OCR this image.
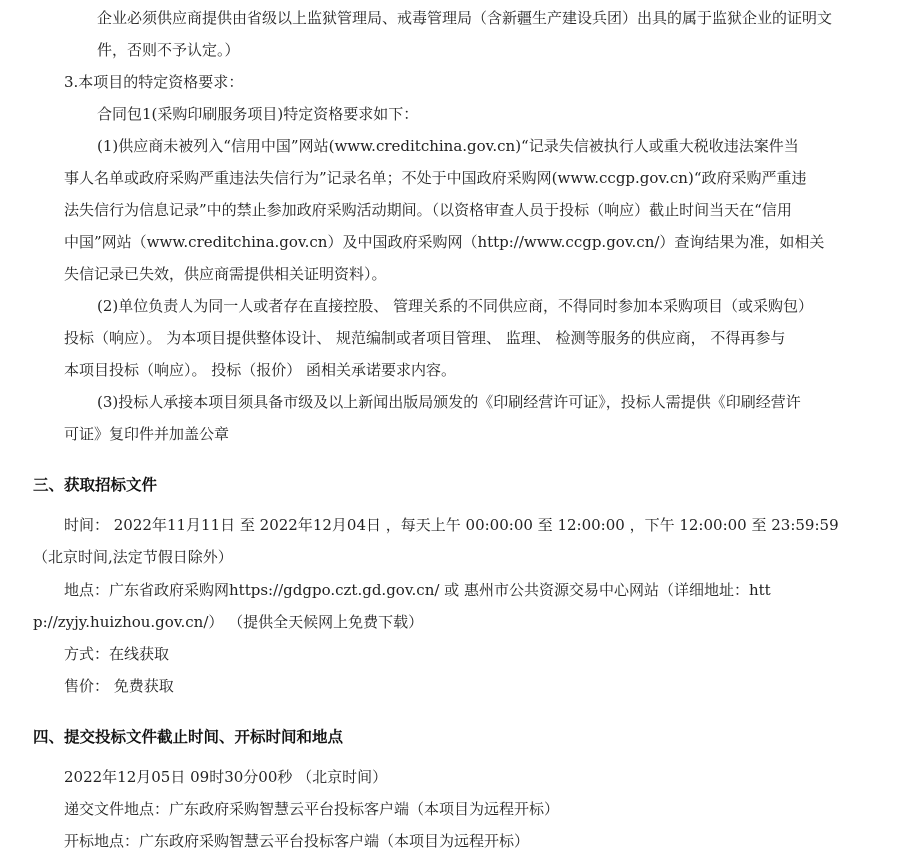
企业必须供应商提供由省级以上监狱管理局、戒毒管理局（含新疆生产建设兵团）出具的属于监狱企业的证明文
件，否则不予认定。）
3.本项目的特定资格要求：
合同包1(采购印刷服务项目)特定资格要求如下：
(1)供应商未被列入“信用中国”网站(www.creditchina.gov.cn)“记录失信被执行人或重大税收违法案件当
事人名单或政府采购严重违法失信行为”记录名单；不处于中国政府采购网(www.ccgp.gov.cn)“政府采购严重违
法失信行为信息记录”中的禁止参加政府采购活动期间。（以资格审查人员于投标（响应）截止时间当天在“信用
中国”网站（www.creditchina.gov.cn）及中国政府采购网（http://www.ccgp.gov.cn/）查询结果为准，如相关
失信记录已失效，供应商需提供相关证明资料）。
(2)单位负责人为同一人或者存在直接控股、 管理关系的不同供应商，不得同时参加本采购项目（或采购包）
投标（响应）。 为本项目提供整体设计、 规范编制或者项目管理、 监理、 检测等服务的供应商， 不得再参与
本项目投标（响应）。 投标（报价） 函相关承诺要求内容。
(3)投标人承接本项目须具备市级及以上新闻出版局颁发的《印刷经营许可证》，投标人需提供《印刷经营许
可证》复印件并加盖公章
三、获取招标文件
时间： 2022年11月11日 至 2022年12月04日 ，每天上午 00:00:00 至 12:00:00 ，下午 12:00:00 至 23:59:59
（北京时间,法定节假日除外）
地点：广东省政府采购网https://gdgpo.czt.gd.gov.cn/ 或 惠州市公共资源交易中心网站（详细地址：htt
p://zyjy.huizhou.gov.cn/） （提供全天候网上免费下载）
方式：在线获取
售价： 免费获取
四、提交投标文件截止时间、开标时间和地点
2022年12月05日 09时30分00秒 （北京时间）
递交文件地点：广东政府采购智慧云平台投标客户端（本项目为远程开标）
开标地点：广东政府采购智慧云平台投标客户端（本项目为远程开标）
